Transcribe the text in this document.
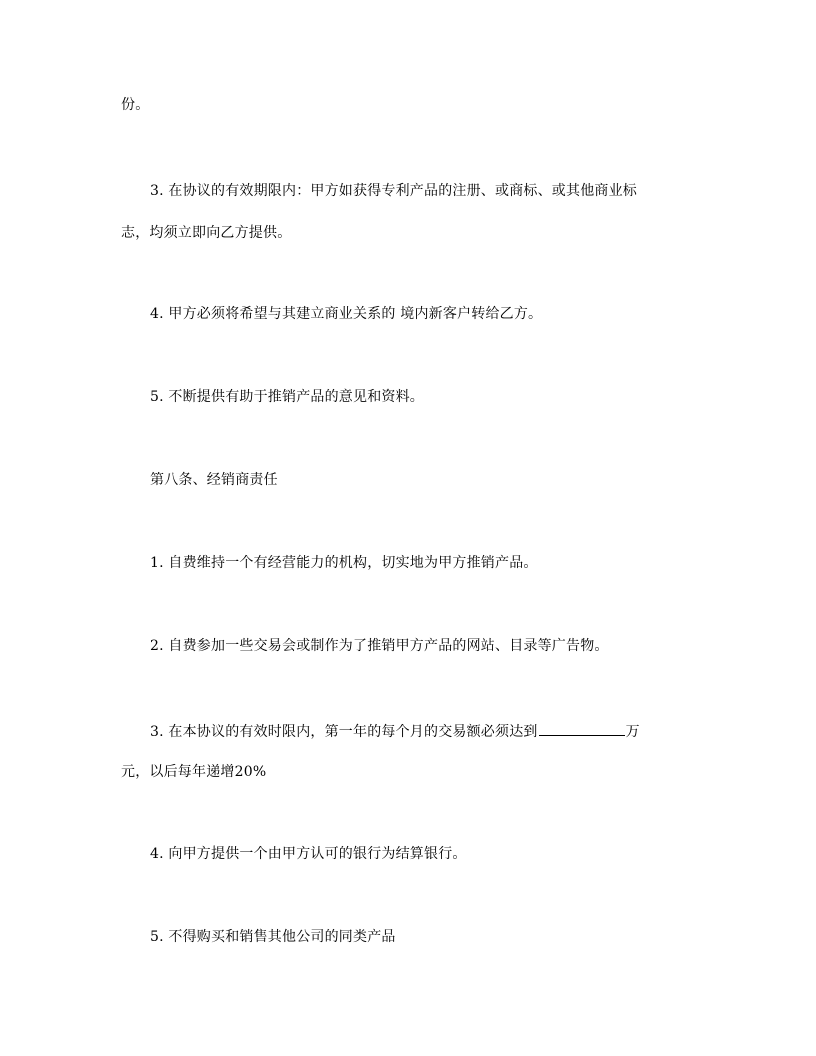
份。
3. 在协议的有效期限内：甲方如获得专利产品的注册、或商标、或其他商业标
志，均须立即向乙方提供。
4. 甲方必须将希望与其建立商业关系的 境内新客户转给乙方。
5. 不断提供有助于推销产品的意见和资料。
第八条、经销商责任
1. 自费维持一个有经营能力的机构，切实地为甲方推销产品。
2. 自费参加一些交易会或制作为了推销甲方产品的网站、目录等广告物。
3. 在本协议的有效时限内，第一年的每个月的交易额必须达到	万
元，以后每年递增20%
4. 向甲方提供一个由甲方认可的银行为结算银行。
5. 不得购买和销售其他公司的同类产品
